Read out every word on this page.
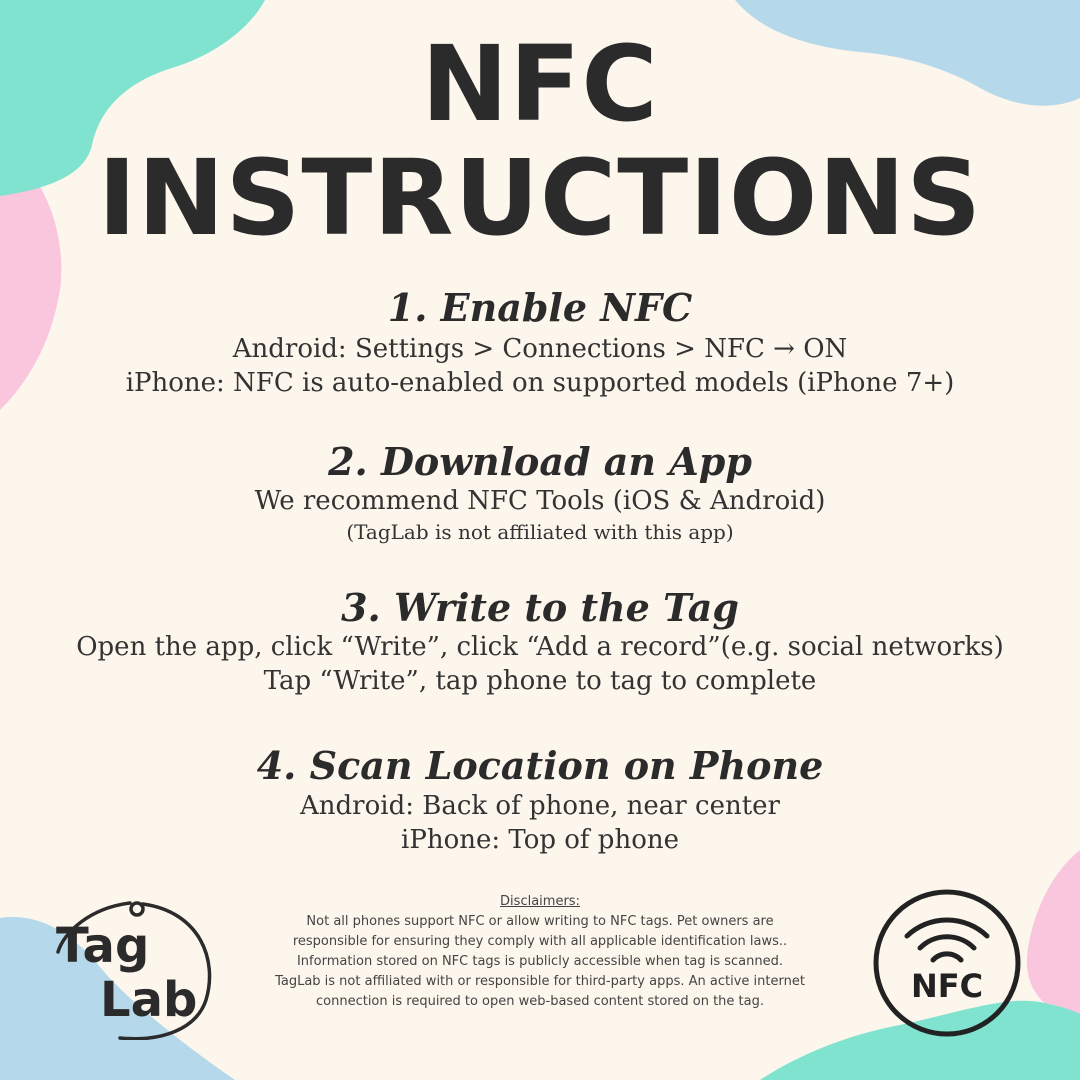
NFC
INSTRUCTIONS
1. Enable NFC
Android: Settings > Connections > NFC → ON
iPhone: NFC is auto-enabled on supported models (iPhone 7+)
2. Download an App
We recommend NFC Tools (iOS & Android)
(TagLab is not affiliated with this app)
3. Write to the Tag
Open the app, click “Write”, click “Add a record”(e.g. social networks)
Tap “Write”, tap phone to tag to complete
4. Scan Location on Phone
Android: Back of phone, near center
iPhone: Top of phone
Disclaimers:
Not all phones support NFC or allow writing to NFC tags. Pet owners are
responsible for ensuring they comply with all applicable identification laws..
Information stored on NFC tags is publicly accessible when tag is scanned.
TagLab is not affiliated with or responsible for third-party apps. An active internet
connection is required to open web-based content stored on the tag.
Tag
Lab	NFC
